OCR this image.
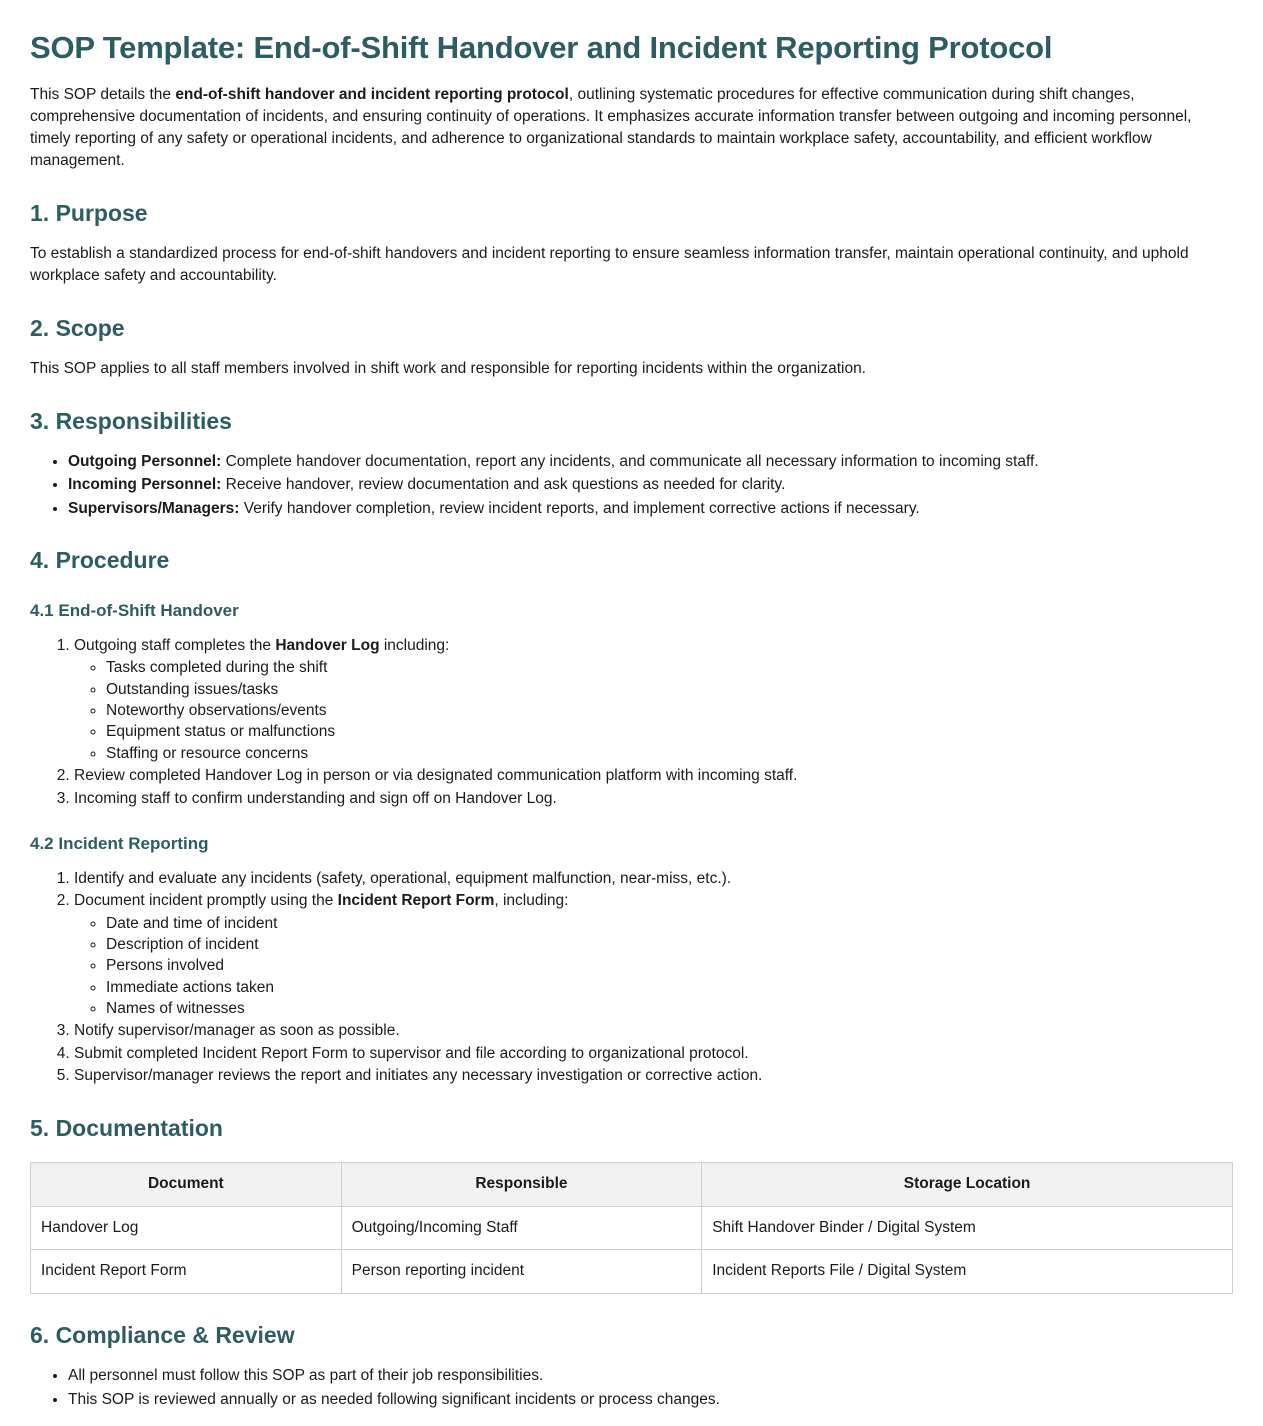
SOP Template: End-of-Shift Handover and Incident Reporting Protocol

This SOP details the end-of-shift handover and incident reporting protocol, outlining systematic procedures for effective communication during shift changes, comprehensive documentation of incidents, and ensuring continuity of operations. It emphasizes accurate information transfer between outgoing and incoming personnel, timely reporting of any safety or operational incidents, and adherence to organizational standards to maintain workplace safety, accountability, and efficient workflow management.

1. Purpose

To establish a standardized process for end-of-shift handovers and incident reporting to ensure seamless information transfer, maintain operational continuity, and uphold workplace safety and accountability.

2. Scope

This SOP applies to all staff members involved in shift work and responsible for reporting incidents within the organization.

3. Responsibilities
• Outgoing Personnel: Complete handover documentation, report any incidents, and communicate all necessary information to incoming staff.
• Incoming Personnel: Receive handover, review documentation and ask questions as needed for clarity.
• Supervisors/Managers: Verify handover completion, review incident reports, and implement corrective actions if necessary.
4. Procedure
4.1 End-of-Shift Handover
1. Outgoing staff completes the Handover Log including:
◦ Tasks completed during the shift
◦ Outstanding issues/tasks
◦ Noteworthy observations/events
◦ Equipment status or malfunctions
◦ Staffing or resource concerns
2. Review completed Handover Log in person or via designated communication platform with incoming staff.
3. Incoming staff to confirm understanding and sign off on Handover Log.
4.2 Incident Reporting
1. Identify and evaluate any incidents (safety, operational, equipment malfunction, near-miss, etc.).
2. Document incident promptly using the Incident Report Form, including:
◦ Date and time of incident
◦ Description of incident
◦ Persons involved
◦ Immediate actions taken
◦ Names of witnesses
3. Notify supervisor/manager as soon as possible.
4. Submit completed Incident Report Form to supervisor and file according to organizational protocol.
5. Supervisor/manager reviews the report and initiates any necessary investigation or corrective action.
5. Documentation
Document	Responsible	Storage Location
Handover Log	Outgoing/Incoming Staff	Shift Handover Binder / Digital System
Incident Report Form	Person reporting incident	Incident Reports File / Digital System
6. Compliance & Review
• All personnel must follow this SOP as part of their job responsibilities.
• This SOP is reviewed annually or as needed following significant incidents or process changes.
